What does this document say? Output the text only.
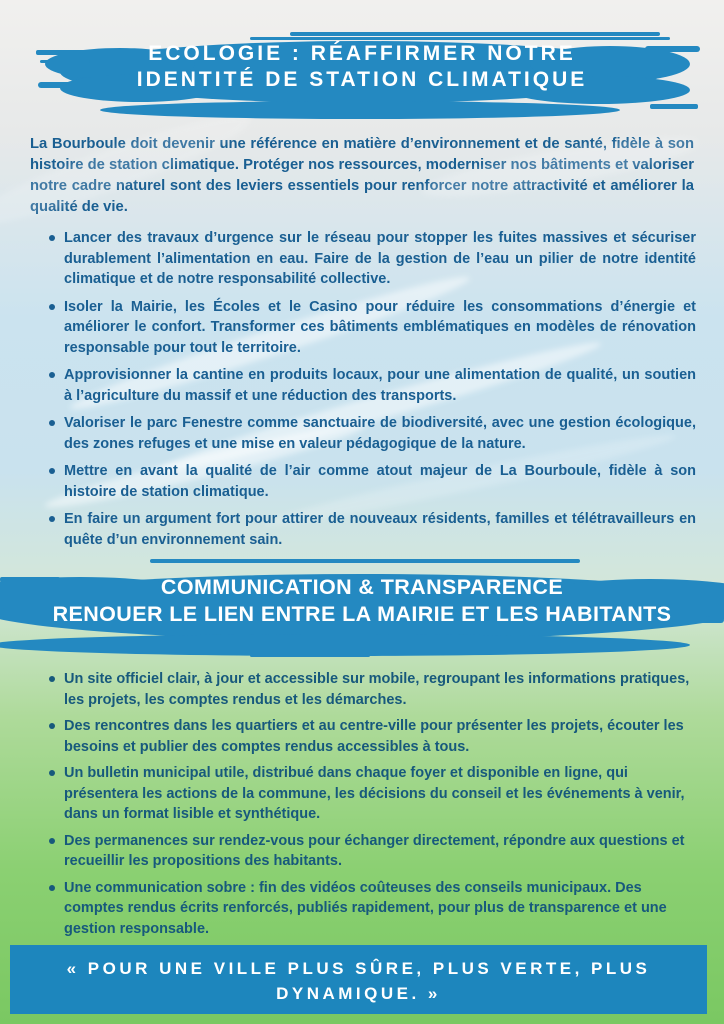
ECOLOGIE : RÉAFFIRMER NOTRE
IDENTITÉ DE STATION CLIMATIQUE

La Bourboule doit devenir une référence en matière d’environnement et de santé, fidèle à son histoire de station climatique. Protéger nos ressources, moderniser nos bâtiments et valoriser notre cadre naturel sont des leviers essentiels pour renforcer notre attractivité et améliorer la qualité de vie.

Lancer des travaux d’urgence sur le réseau pour stopper les fuites massives et sécuriser durablement l’alimentation en eau. Faire de la gestion de l’eau un pilier de notre identité climatique et de notre responsabilité collective.
Isoler la Mairie, les Écoles et le Casino pour réduire les consommations d’énergie et améliorer le confort. Transformer ces bâtiments emblématiques en modèles de rénovation responsable pour tout le territoire.
Approvisionner la cantine en produits locaux, pour une alimentation de qualité, un soutien à l’agriculture du massif et une réduction des transports.
Valoriser le parc Fenestre comme sanctuaire de biodiversité, avec une gestion écologique, des zones refuges et une mise en valeur pédagogique de la nature.
Mettre en avant la qualité de l’air comme atout majeur de La Bourboule, fidèle à son histoire de station climatique.
En faire un argument fort pour attirer de nouveaux résidents, familles et télétravailleurs en quête d’un environnement sain.
COMMUNICATION & TRANSPARENCE
RENOUER LE LIEN ENTRE LA MAIRIE ET LES HABITANTS
Un site officiel clair, à jour et accessible sur mobile, regroupant les informations pratiques, les projets, les comptes rendus et les démarches.
Des rencontres dans les quartiers et au centre-ville pour présenter les projets, écouter les besoins et publier des comptes rendus accessibles à tous.
Un bulletin municipal utile, distribué dans chaque foyer et disponible en ligne, qui présentera les actions de la commune, les décisions du conseil et les événements à venir, dans un format lisible et synthétique.
Des permanences sur rendez-vous pour échanger directement, répondre aux questions et recueillir les propositions des habitants.
Une communication sobre : fin des vidéos coûteuses des conseils municipaux. Des comptes rendus écrits renforcés, publiés rapidement, pour plus de transparence et une gestion responsable.
« POUR UNE VILLE PLUS SÛRE, PLUS VERTE, PLUS DYNAMIQUE. »
